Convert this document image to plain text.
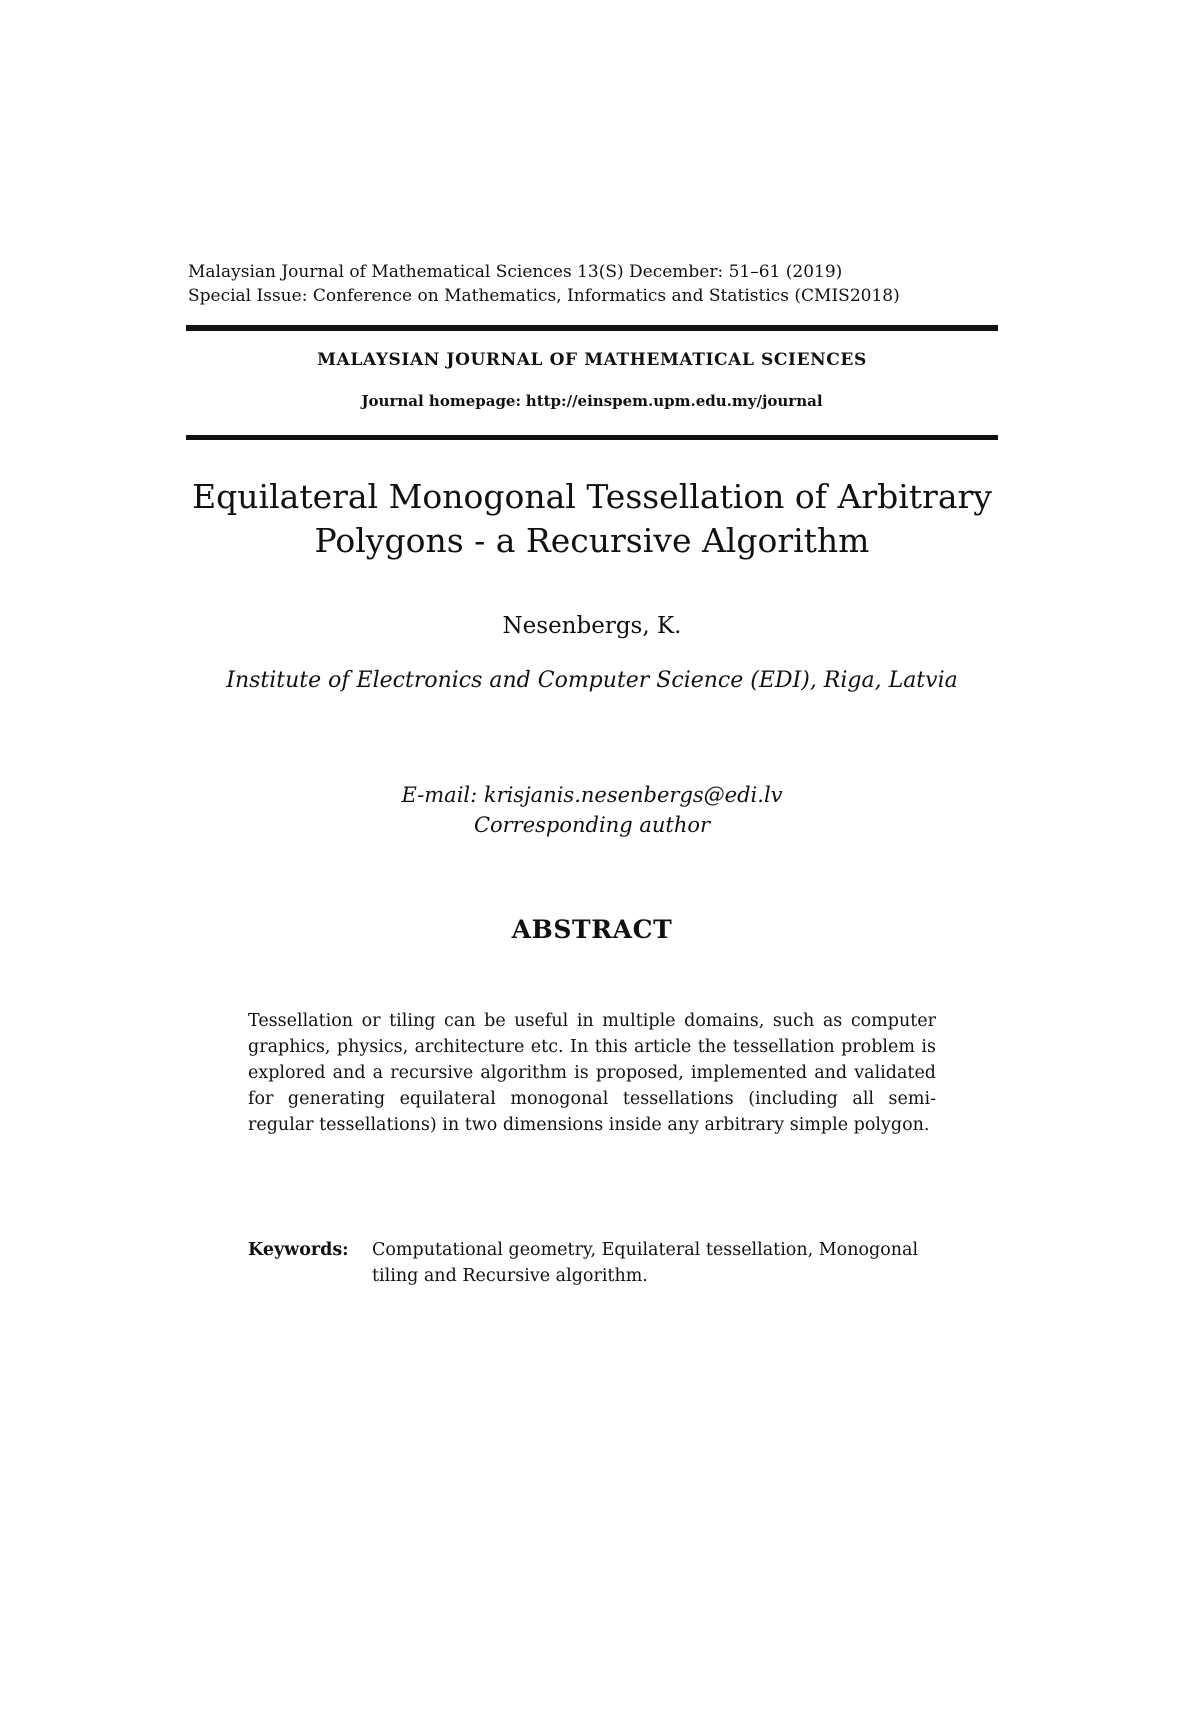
Malaysian Journal of Mathematical Sciences 13(S) December: 51–61 (2019)
Special Issue: Conference on Mathematics, Informatics and Statistics (CMIS2018)
MALAYSIAN JOURNAL OF MATHEMATICAL SCIENCES
Journal homepage: http://einspem.upm.edu.my/journal
Equilateral Monogonal Tessellation of Arbitrary Polygons - a Recursive Algorithm
Nesenbergs, K.
Institute of Electronics and Computer Science (EDI), Riga, Latvia
E-mail: krisjanis.nesenbergs@edi.lv
Corresponding author
ABSTRACT
Tessellation or tiling can be useful in multiple domains, such as computer graphics, physics, architecture etc. In this article the tessellation problem is explored and a recursive algorithm is proposed, implemented and validated for generating equilateral monogonal tessellations (including all semi-regular tessellations) in two dimensions inside any arbitrary simple polygon.
Keywords:	Computational geometry, Equilateral tessellation, Monogonal tiling and Recursive algorithm.
